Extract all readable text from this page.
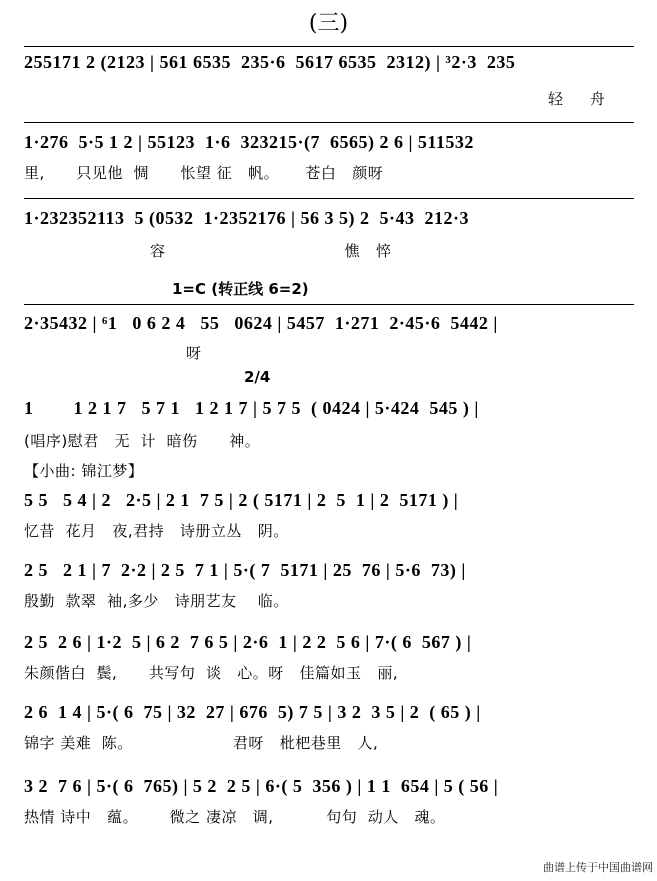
(三)
255171 2 (2123 | 561 6535  235·6  5617 6535  2312) | ³2·3  235
轻     舟
1·276  5·5 1 2 | 55123  1·6  323215·(7  6565) 2 6 | 511532
里,      只见他  惆      怅望 征   帆。     苍白   颜呀
1·232352113  5 (0532  1·2352176 | 56 3 5) 2  5·43  212·3
容                                  憔   悴
1=C (转正线 6=2)
2·35432 | ⁶1   0 6 2 4   55   0624 | 5457  1·271  2·45·6  5442 |
呀
2/4
1        1 2 1 7   5 7 1   1 2 1 7 | 5 7 5  ( 0424 | 5·424  545 ) |
(唱序)慰君   无  计  暗伤      神。
【小曲: 锦江梦】
5 5   5 4 | 2   2·5 | 2 1  7 5 | 2 ( 5171 | 2  5  1 | 2  5171 ) |
忆昔  花月   夜,君持   诗册立丛   阴。
2 5   2 1 | 7  2·2 | 2 5  7 1 | 5·( 7  5171 | 25  76 | 5·6  73) |
殷勤  款翠  袖,多少   诗朋艺友    临。
2 5  2 6 | 1·2  5 | 6 2  7 6 5 | 2·6  1 | 2 2  5 6 | 7·( 6  567 ) |
朱颜偕白  鬓,      共写句  谈   心。呀   佳篇如玉   丽,
2 6  1 4 | 5·( 6  75 | 32  27 | 676  5) 7 5 | 3 2  3 5 | 2  ( 65 ) |
锦字 美难  陈。                   君呀   枇杷巷里   人,
3 2  7 6 | 5·( 6  765) | 5 2  2 5 | 6·( 5  356 ) | 1 1  654 | 5 ( 56 |
热情 诗中   蕴。      微之 凄凉   调,          句句  动人   魂。
曲谱上传于中国曲谱网
